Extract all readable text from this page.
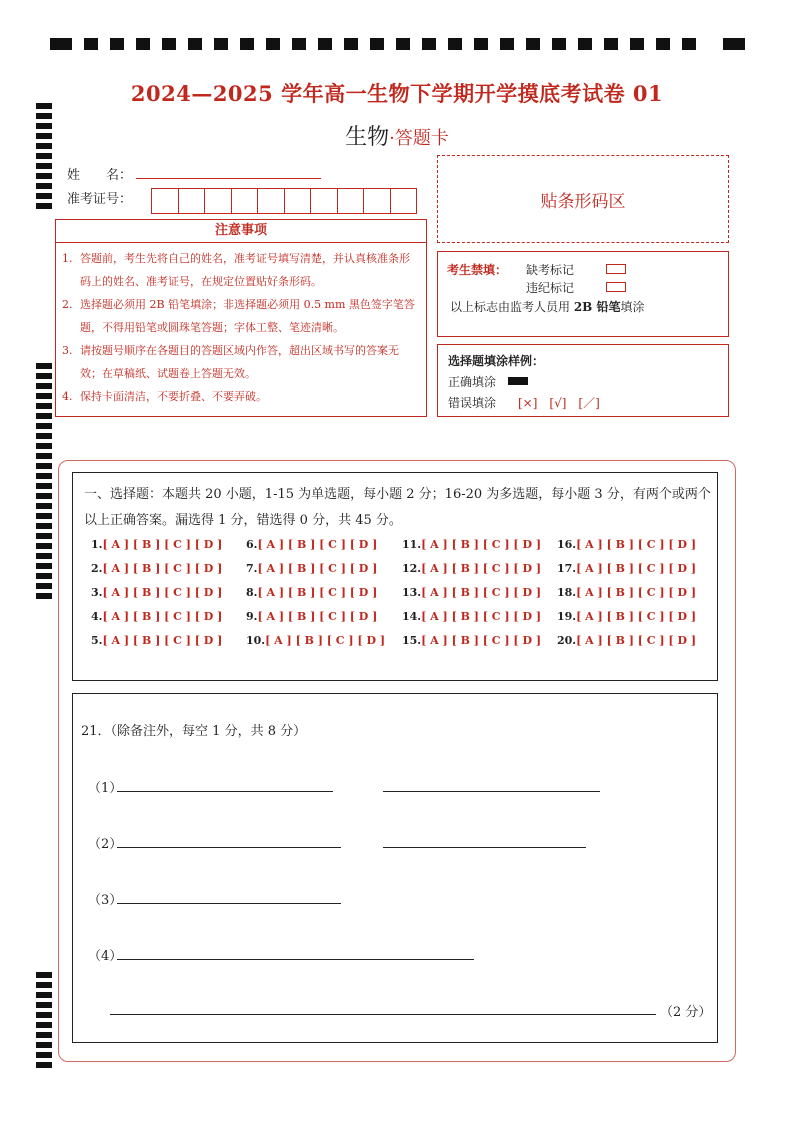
2024—2025 学年高一生物下学期开学摸底考试卷 01
生物·答题卡
姓　　名：
准考证号：
注意事项
1. 答题前，考生先将自己的姓名，准考证号填写清楚，并认真核准条形码上的姓名、准考证号，在规定位置贴好条形码。
2. 选择题必须用 2B 铅笔填涂；非选择题必须用 0.5 mm 黑色签字笔答题，不得用铅笔或圆珠笔答题；字体工整、笔迹清晰。
3. 请按题号顺序在各题目的答题区域内作答，超出区域书写的答案无效；在草稿纸、试题卷上答题无效。
4. 保持卡面清洁，不要折叠、不要弄破。
贴条形码区
考生禁填： 缺考标记
违纪标记
以上标志由监考人员用 2B 铅笔填涂
选择题填涂样例：
正确填涂
错误填涂 [×]　[√]　[／]
一、选择题：本题共 20 小题，1-15 为单选题，每小题 2 分；16-20 为多选题，每小题 3 分，有两个或两个以上正确答案。漏选得 1 分，错选得 0 分，共 45 分。
1.[ A ] [ B ] [ C ] [ D ]
2.[ A ] [ B ] [ C ] [ D ]
3.[ A ] [ B ] [ C ] [ D ]
4.[ A ] [ B ] [ C ] [ D ]
5.[ A ] [ B ] [ C ] [ D ]
6.[ A ] [ B ] [ C ] [ D ]
7.[ A ] [ B ] [ C ] [ D ]
8.[ A ] [ B ] [ C ] [ D ]
9.[ A ] [ B ] [ C ] [ D ]
10.[ A ] [ B ] [ C ] [ D ]
11.[ A ] [ B ] [ C ] [ D ]
12.[ A ] [ B ] [ C ] [ D ]
13.[ A ] [ B ] [ C ] [ D ]
14.[ A ] [ B ] [ C ] [ D ]
15.[ A ] [ B ] [ C ] [ D ]
16.[ A ] [ B ] [ C ] [ D ]
17.[ A ] [ B ] [ C ] [ D ]
18.[ A ] [ B ] [ C ] [ D ]
19.[ A ] [ B ] [ C ] [ D ]
20.[ A ] [ B ] [ C ] [ D ]
21．（除备注外，每空 1 分，共 8 分）
（1）
（2）
（3）
（4）
（2 分）
